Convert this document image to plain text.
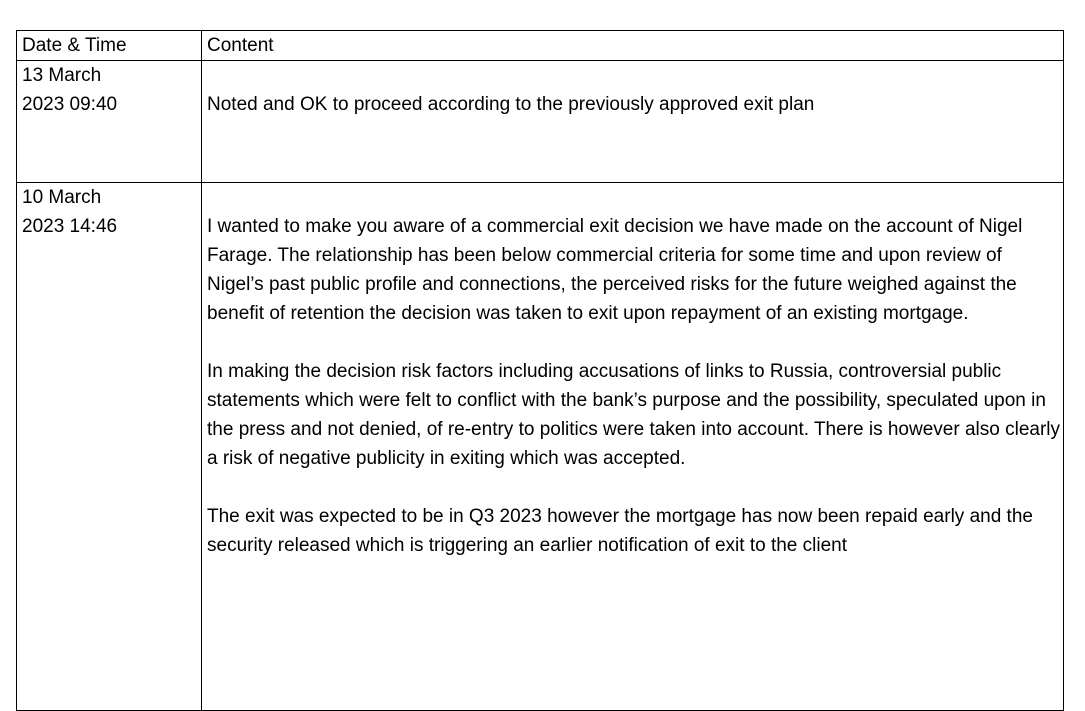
Date & Time	Content

13 March 2023 09:40	Noted and OK to proceed according to the previously approved exit plan

10 March 2023 14:46	I wanted to make you aware of a commercial exit decision we have made on the account of Nigel Farage. The relationship has been below commercial criteria for some time and upon review of Nigel’s past public profile and connections, the perceived risks for the future weighed against the benefit of retention the decision was taken to exit upon repayment of an existing mortgage.

In making the decision risk factors including accusations of links to Russia, controversial public statements which were felt to conflict with the bank’s purpose and the possibility, speculated upon in the press and not denied, of re-entry to politics were taken into account. There is however also clearly a risk of negative publicity in exiting which was accepted.

The exit was expected to be in Q3 2023 however the mortgage has now been repaid early and the security released which is triggering an earlier notification of exit to the client
